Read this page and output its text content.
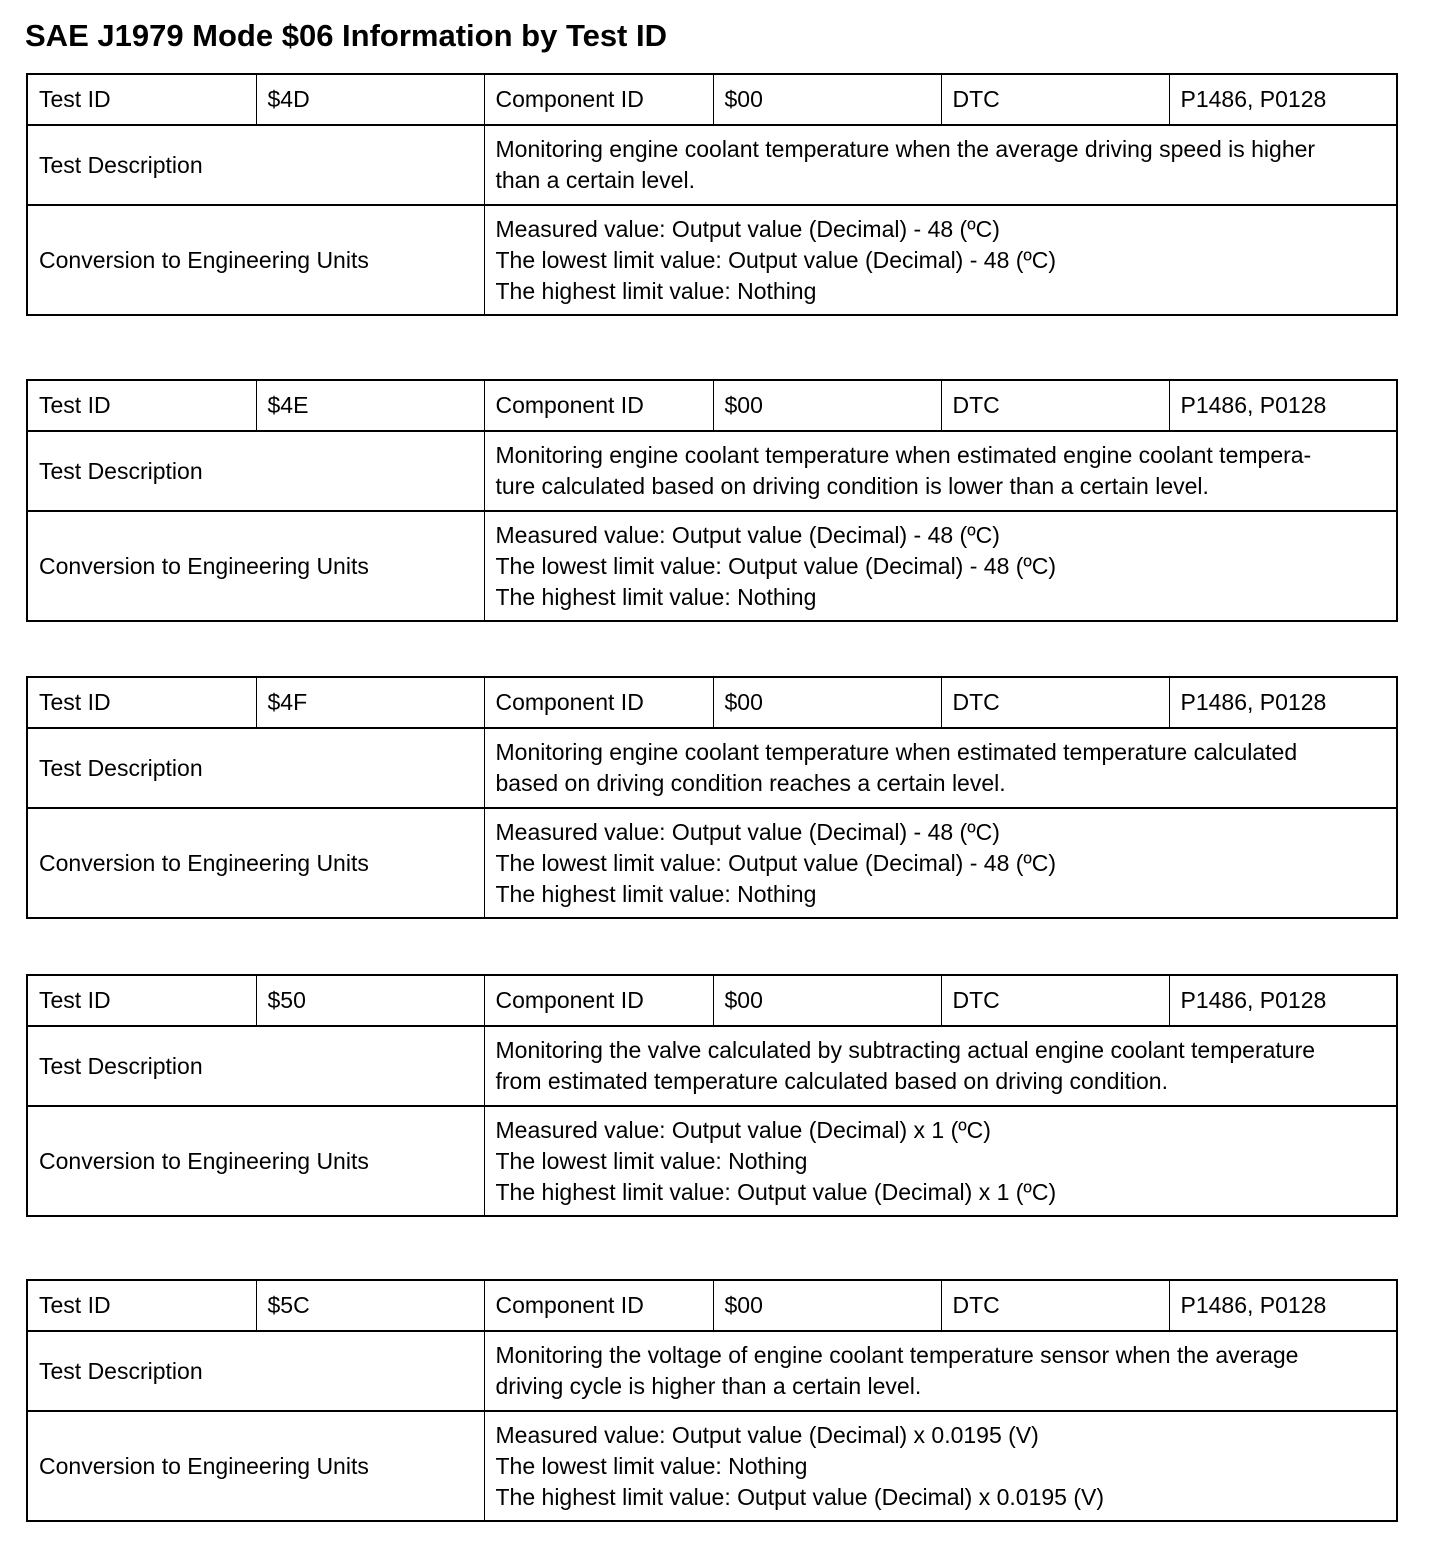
SAE J1979 Mode $06 Information by Test ID
Test ID	$4D	Component ID	$00	DTC	P1486, P0128
Test Description		Monitoring engine coolant temperature when the average driving speed is higher
than a certain level.			

Conversion to Engineering Units		Measured value: Output value (Decimal) - 48 (ºC)
The lowest limit value: Output value (Decimal) - 48 (ºC)
The highest limit value: Nothing			
Test ID	$4E	Component ID	$00	DTC	P1486, P0128
Test Description		Monitoring engine coolant temperature when estimated engine coolant tempera-
ture calculated based on driving condition is lower than a certain level.			

Conversion to Engineering Units		Measured value: Output value (Decimal) - 48 (ºC)
The lowest limit value: Output value (Decimal) - 48 (ºC)
The highest limit value: Nothing			
Test ID	$4F	Component ID	$00	DTC	P1486, P0128
Test Description		Monitoring engine coolant temperature when estimated temperature calculated
based on driving condition reaches a certain level.			

Conversion to Engineering Units		Measured value: Output value (Decimal) - 48 (ºC)
The lowest limit value: Output value (Decimal) - 48 (ºC)
The highest limit value: Nothing			
Test ID	$50	Component ID	$00	DTC	P1486, P0128
Test Description		Monitoring the valve calculated by subtracting actual engine coolant temperature
from estimated temperature calculated based on driving condition.			

Conversion to Engineering Units		Measured value: Output value (Decimal) x 1 (ºC)
The lowest limit value: Nothing
The highest limit value: Output value (Decimal) x 1 (ºC)			
Test ID	$5C	Component ID	$00	DTC	P1486, P0128
Test Description		Monitoring the voltage of engine coolant temperature sensor when the average
driving cycle is higher than a certain level.			

Conversion to Engineering Units		Measured value: Output value (Decimal) x 0.0195 (V)
The lowest limit value: Nothing
The highest limit value: Output value (Decimal) x 0.0195 (V)			
